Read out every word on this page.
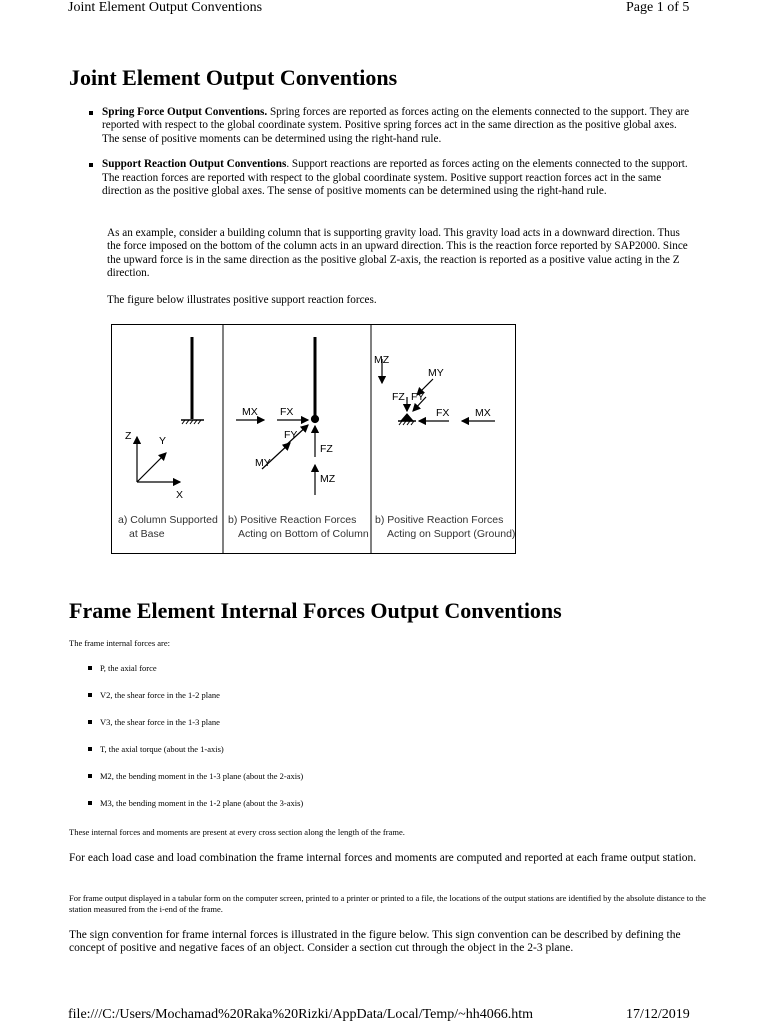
Joint Element Output Conventions	Page 1 of 5
Joint Element Output Conventions
Spring Force Output Conventions. Spring forces are reported as forces acting on the elements connected to the support. They are reported with respect to the global coordinate system. Positive spring forces act in the same direction as the positive global axes. The sense of positive moments can be determined using the right-hand rule.
Support Reaction Output Conventions. Support reactions are reported as forces acting on the elements connected to the support. The reaction forces are reported with respect to the global coordinate system. Positive support reaction forces act in the same direction as the positive global axes. The sense of positive moments can be determined using the right-hand rule.
As an example, consider a building column that is supporting gravity load. This gravity load acts in a downward direction. Thus the force imposed on the bottom of the column acts in an upward direction. This is the reaction force reported by SAP2000. Since the upward force is in the same direction as the positive global Z-axis, the reaction is reported as a positive value acting in the Z direction.
The figure below illustrates positive support reaction forces.
Z	Y
X
a) Column Supported
at Base
MX FX
FY
MY
FZ
MZ
b) Positive Reaction Forces
Acting on Bottom of Column
MZ
MY
FZ FY
FX MX
b) Positive Reaction Forces
Acting on Support (Ground)
Frame Element Internal Forces Output Conventions
The frame internal forces are:
P, the axial force
V2, the shear force in the 1-2 plane
V3, the shear force in the 1-3 plane
T, the axial torque (about the 1-axis)
M2, the bending moment in the 1-3 plane (about the 2-axis)
M3, the bending moment in the 1-2 plane (about the 3-axis)
These internal forces and moments are present at every cross section along the length of the frame.
For each load case and load combination the frame internal forces and moments are computed and reported at each frame output station.
For frame output displayed in a tabular form on the computer screen, printed to a printer or printed to a file, the locations of the output stations are identified by the absolute distance to the station measured from the i-end of the frame.
The sign convention for frame internal forces is illustrated in the figure below. This sign convention can be described by defining the concept of positive and negative faces of an object. Consider a section cut through the object in the 2-3 plane.
file:///C:/Users/Mochamad%20Raka%20Rizki/AppData/Local/Temp/~hh4066.htm	17/12/2019
